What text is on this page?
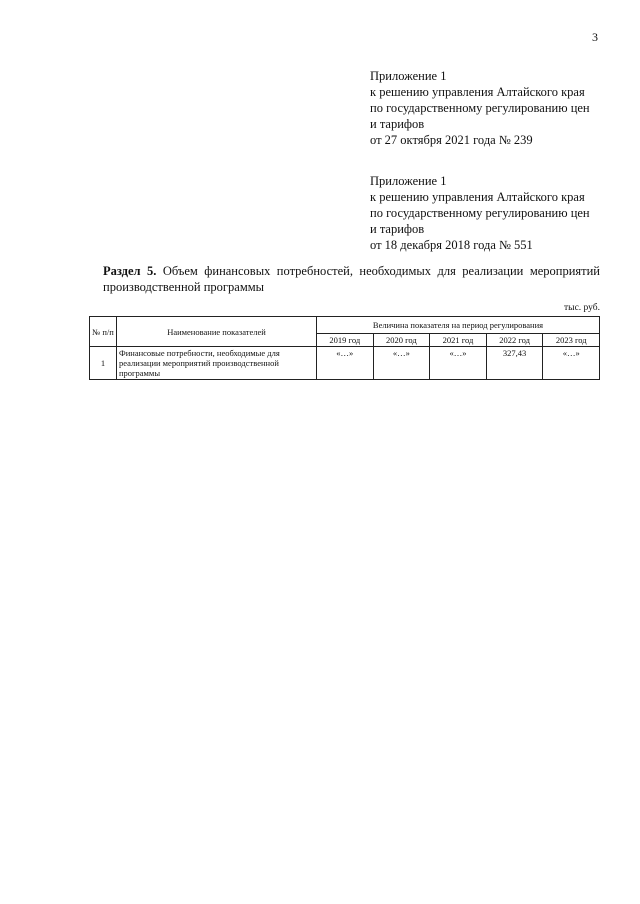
3
Приложение 1
к решению управления Алтайского края
по государственному регулированию цен
и тарифов
от 27 октября 2021 года № 239
Приложение 1
к решению управления Алтайского края
по государственному регулированию цен
и тарифов
от 18 декабря 2018 года № 551
Раздел 5. Объем финансовых потребностей, необходимых для реализации мероприятий производственной программы
тыс. руб.
№ п/п	Наименование показателей	Величина показателя на период регулирования				
		2019 год	2020 год	2021 год	2022 год	2023 год
1	Финансовые потребности, необходимые для реализации мероприятий производственной программы	«…»	«…»	«…»	327,43	«…»
